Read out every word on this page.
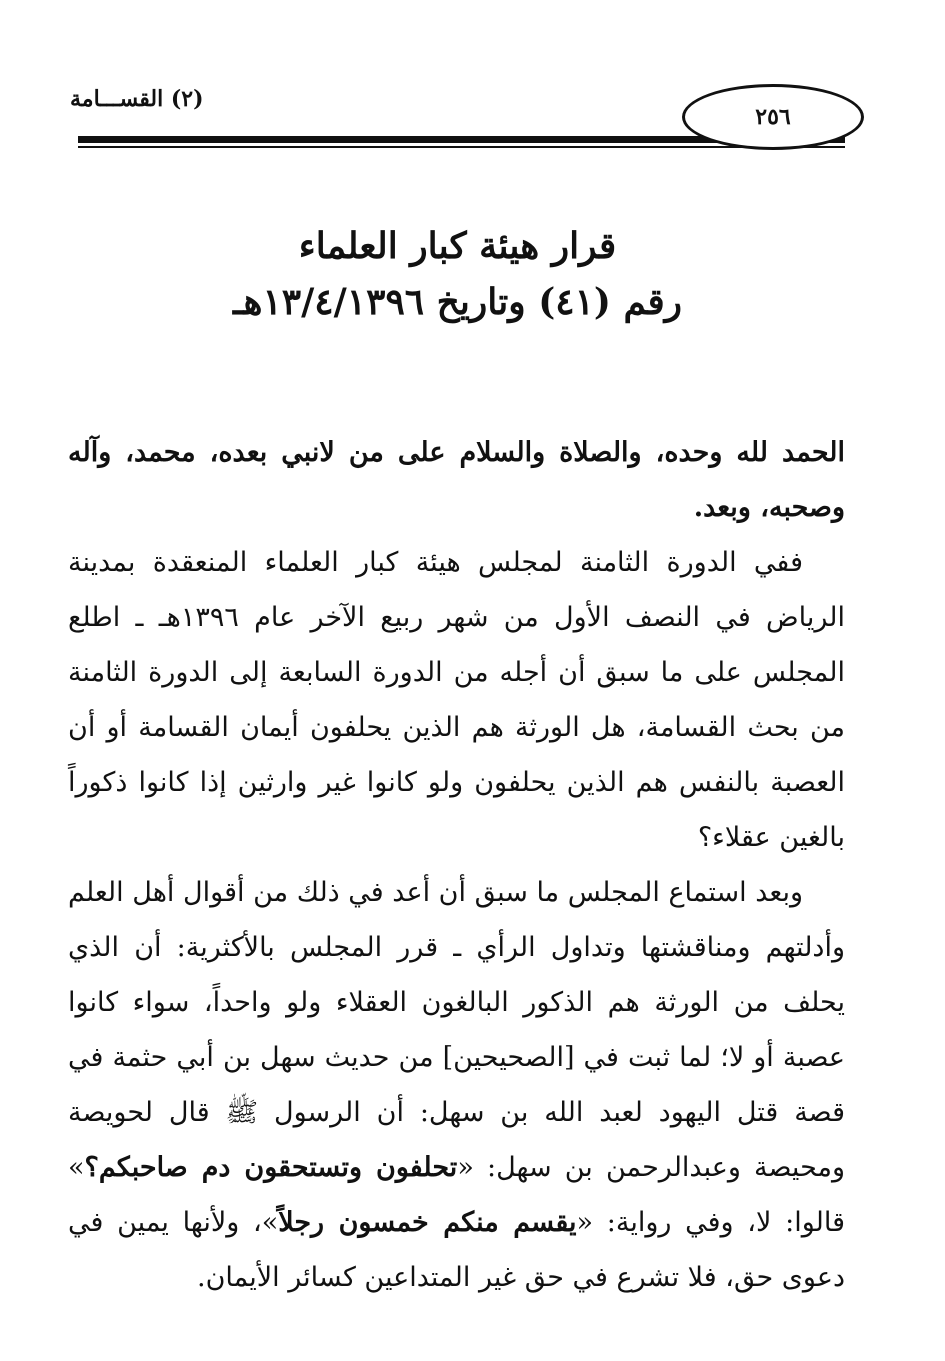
٢٥٦
(٢) القســـامة

قرار هيئة كبار العلماء

رقم (٤١) وتاريخ ١٣/٤/١٣٩٦هـ

الحمد لله وحده، والصلاة والسلام على من لانبي بعده، محمد، وآله وصحبه، وبعد.

ففي الدورة الثامنة لمجلس هيئة كبار العلماء المنعقدة بمدينة الرياض في النصف الأول من شهر ربيع الآخر عام ١٣٩٦هـ ـ اطلع المجلس على ما سبق أن أجله من الدورة السابعة إلى الدورة الثامنة من بحث القسامة، هل الورثة هم الذين يحلفون أيمان القسامة أو أن العصبة بالنفس هم الذين يحلفون ولو كانوا غير وارثين إذا كانوا ذكوراً بالغين عقلاء؟

وبعد استماع المجلس ما سبق أن أعد في ذلك من أقوال أهل العلم وأدلتهم ومناقشتها وتداول الرأي ـ قرر المجلس بالأكثرية: أن الذي يحلف من الورثة هم الذكور البالغون العقلاء ولو واحداً، سواء كانوا عصبة أو لا؛ لما ثبت في [الصحيحين] من حديث سهل بن أبي حثمة في قصة قتل اليهود لعبد الله بن سهل: أن الرسول ﷺ قال لحويصة ومحيصة وعبدالرحمن بن سهل: «تحلفون وتستحقون دم صاحبكم؟» قالوا: لا، وفي رواية: «يقسم منكم خمسون رجلاً»، ولأنها يمين في دعوى حق، فلا تشرع في حق غير المتداعين كسائر الأيمان.
